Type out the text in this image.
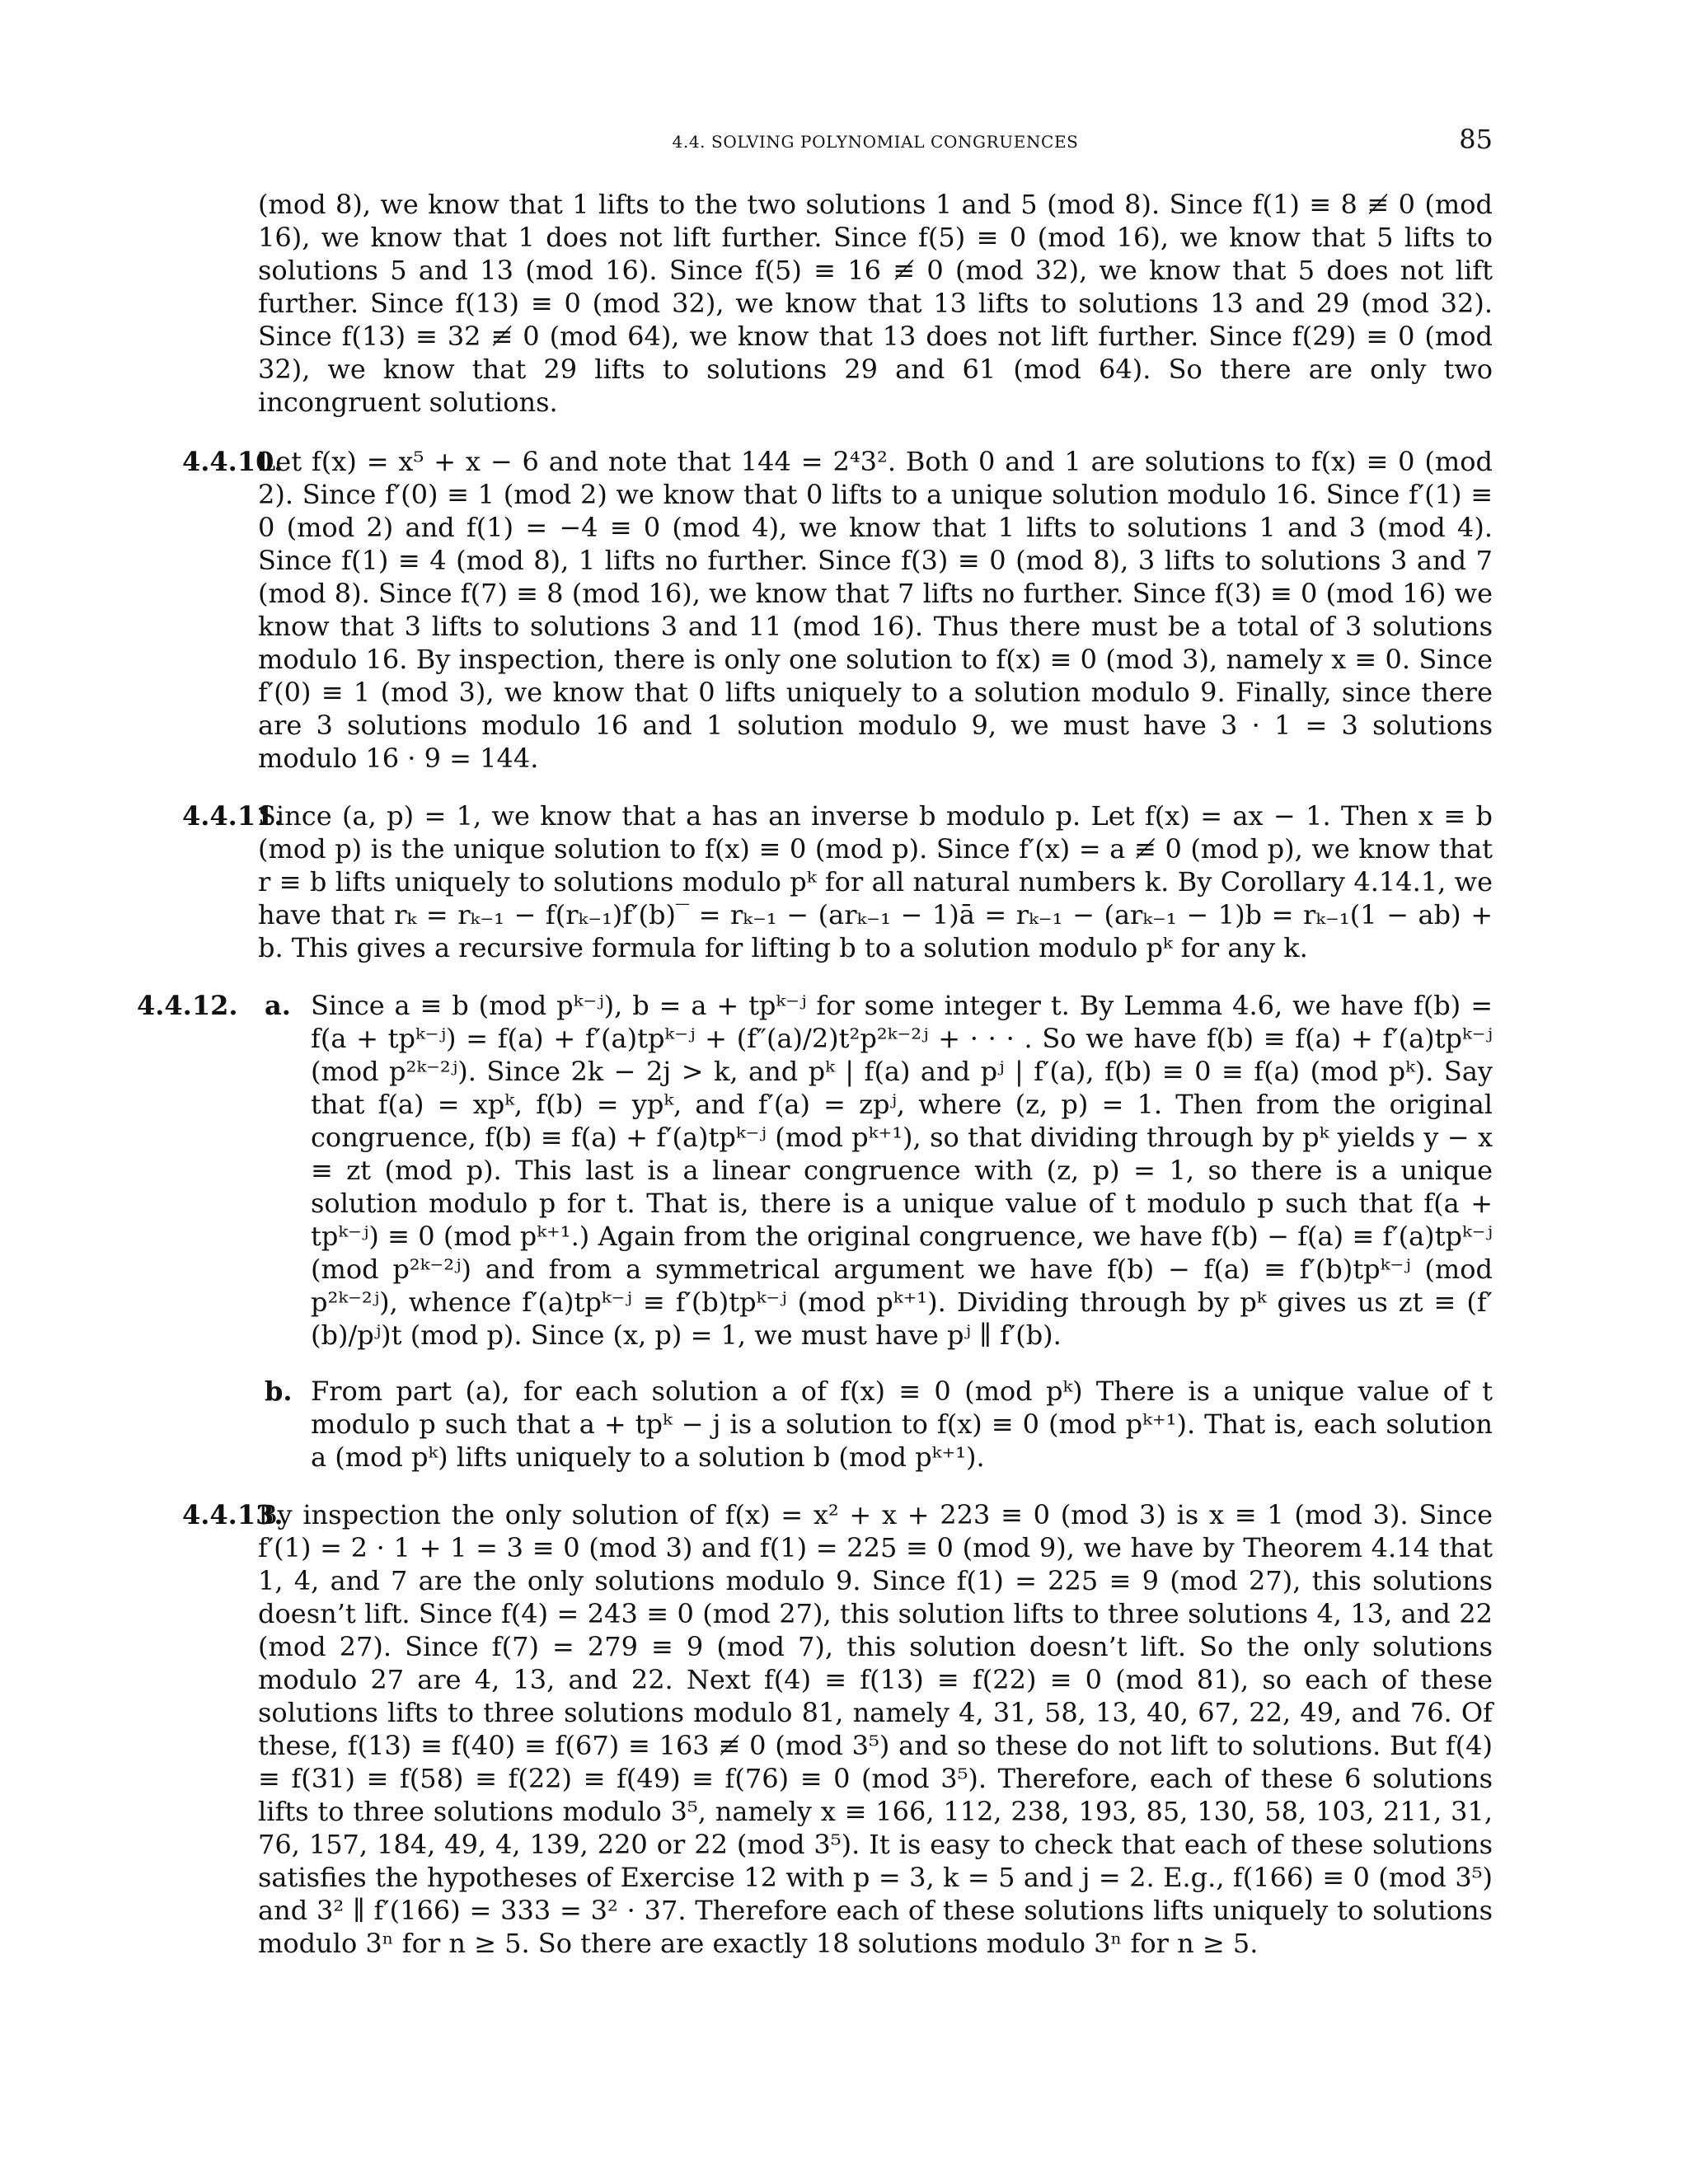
4.4. SOLVING POLYNOMIAL CONGRUENCES	85

(mod 8), we know that 1 lifts to the two solutions 1 and 5 (mod 8). Since f(1) ≡ 8 ≢ 0 (mod 16), we know that 1 does not lift further. Since f(5) ≡ 0 (mod 16), we know that 5 lifts to solutions 5 and 13 (mod 16). Since f(5) ≡ 16 ≢ 0 (mod 32), we know that 5 does not lift further. Since f(13) ≡ 0 (mod 32), we know that 13 lifts to solutions 13 and 29 (mod 32). Since f(13) ≡ 32 ≢ 0 (mod 64), we know that 13 does not lift further. Since f(29) ≡ 0 (mod 32), we know that 29 lifts to solutions 29 and 61 (mod 64). So there are only two incongruent solutions.

4.4.10.

Let f(x) = x⁵ + x − 6 and note that 144 = 2⁴3². Both 0 and 1 are solutions to f(x) ≡ 0 (mod 2). Since f′(0) ≡ 1 (mod 2) we know that 0 lifts to a unique solution modulo 16. Since f′(1) ≡ 0 (mod 2) and f(1) = −4 ≡ 0 (mod 4), we know that 1 lifts to solutions 1 and 3 (mod 4). Since f(1) ≡ 4 (mod 8), 1 lifts no further. Since f(3) ≡ 0 (mod 8), 3 lifts to solutions 3 and 7 (mod 8). Since f(7) ≡ 8 (mod 16), we know that 7 lifts no further. Since f(3) ≡ 0 (mod 16) we know that 3 lifts to solutions 3 and 11 (mod 16). Thus there must be a total of 3 solutions modulo 16. By inspection, there is only one solution to f(x) ≡ 0 (mod 3), namely x ≡ 0. Since f′(0) ≡ 1 (mod 3), we know that 0 lifts uniquely to a solution modulo 9. Finally, since there are 3 solutions modulo 16 and 1 solution modulo 9, we must have 3 · 1 = 3 solutions modulo 16 · 9 = 144.

4.4.11.

Since (a, p) = 1, we know that a has an inverse b modulo p. Let f(x) = ax − 1. Then x ≡ b (mod p) is the unique solution to f(x) ≡ 0 (mod p). Since f′(x) = a ≢ 0 (mod p), we know that r ≡ b lifts uniquely to solutions modulo pᵏ for all natural numbers k. By Corollary 4.14.1, we have that rₖ = rₖ₋₁ − f(rₖ₋₁)f′(b)‾ = rₖ₋₁ − (arₖ₋₁ − 1)ā = rₖ₋₁ − (arₖ₋₁ − 1)b = rₖ₋₁(1 − ab) + b. This gives a recursive formula for lifting b to a solution modulo pᵏ for any k.

4.4.12. a. Since a ≡ b (mod pᵏ⁻ʲ), b = a + tpᵏ⁻ʲ for some integer t. By Lemma 4.6, we have f(b) = f(a + tpᵏ⁻ʲ) = f(a) + f′(a)tpᵏ⁻ʲ + (f″(a)/2)t²p²ᵏ⁻²ʲ + · · · . So we have f(b) ≡ f(a) + f′(a)tpᵏ⁻ʲ (mod p²ᵏ⁻²ʲ). Since 2k − 2j > k, and pᵏ | f(a) and pʲ | f′(a), f(b) ≡ 0 ≡ f(a) (mod pᵏ). Say that f(a) = xpᵏ, f(b) = ypᵏ, and f′(a) = zpʲ, where (z, p) = 1. Then from the original congruence, f(b) ≡ f(a) + f′(a)tpᵏ⁻ʲ (mod pᵏ⁺¹), so that dividing through by pᵏ yields y − x ≡ zt (mod p). This last is a linear congruence with (z, p) = 1, so there is a unique solution modulo p for t. That is, there is a unique value of t modulo p such that f(a + tpᵏ⁻ʲ) ≡ 0 (mod pᵏ⁺¹.) Again from the original congruence, we have f(b) − f(a) ≡ f′(a)tpᵏ⁻ʲ (mod p²ᵏ⁻²ʲ) and from a symmetrical argument we have f(b) − f(a) ≡ f′(b)tpᵏ⁻ʲ (mod p²ᵏ⁻²ʲ), whence f′(a)tpᵏ⁻ʲ ≡ f′(b)tpᵏ⁻ʲ (mod pᵏ⁺¹). Dividing through by pᵏ gives us zt ≡ (f′(b)/pʲ)t (mod p). Since (x, p) = 1, we must have pʲ ∥ f′(b).

b. From part (a), for each solution a of f(x) ≡ 0 (mod pᵏ) There is a unique value of t modulo p such that a + tpᵏ − j is a solution to f(x) ≡ 0 (mod pᵏ⁺¹). That is, each solution a (mod pᵏ) lifts uniquely to a solution b (mod pᵏ⁺¹).

4.4.13.

By inspection the only solution of f(x) = x² + x + 223 ≡ 0 (mod 3) is x ≡ 1 (mod 3). Since f′(1) = 2 · 1 + 1 = 3 ≡ 0 (mod 3) and f(1) = 225 ≡ 0 (mod 9), we have by Theorem 4.14 that 1, 4, and 7 are the only solutions modulo 9. Since f(1) = 225 ≡ 9 (mod 27), this solutions doesn’t lift. Since f(4) = 243 ≡ 0 (mod 27), this solution lifts to three solutions 4, 13, and 22 (mod 27). Since f(7) = 279 ≡ 9 (mod 7), this solution doesn’t lift. So the only solutions modulo 27 are 4, 13, and 22. Next f(4) ≡ f(13) ≡ f(22) ≡ 0 (mod 81), so each of these solutions lifts to three solutions modulo 81, namely 4, 31, 58, 13, 40, 67, 22, 49, and 76. Of these, f(13) ≡ f(40) ≡ f(67) ≡ 163 ≢ 0 (mod 3⁵) and so these do not lift to solutions. But f(4) ≡ f(31) ≡ f(58) ≡ f(22) ≡ f(49) ≡ f(76) ≡ 0 (mod 3⁵). Therefore, each of these 6 solutions lifts to three solutions modulo 3⁵, namely x ≡ 166, 112, 238, 193, 85, 130, 58, 103, 211, 31, 76, 157, 184, 49, 4, 139, 220 or 22 (mod 3⁵). It is easy to check that each of these solutions satisfies the hypotheses of Exercise 12 with p = 3, k = 5 and j = 2. E.g., f(166) ≡ 0 (mod 3⁵) and 3² ∥ f′(166) = 333 = 3² · 37. Therefore each of these solutions lifts uniquely to solutions modulo 3ⁿ for n ≥ 5. So there are exactly 18 solutions modulo 3ⁿ for n ≥ 5.
